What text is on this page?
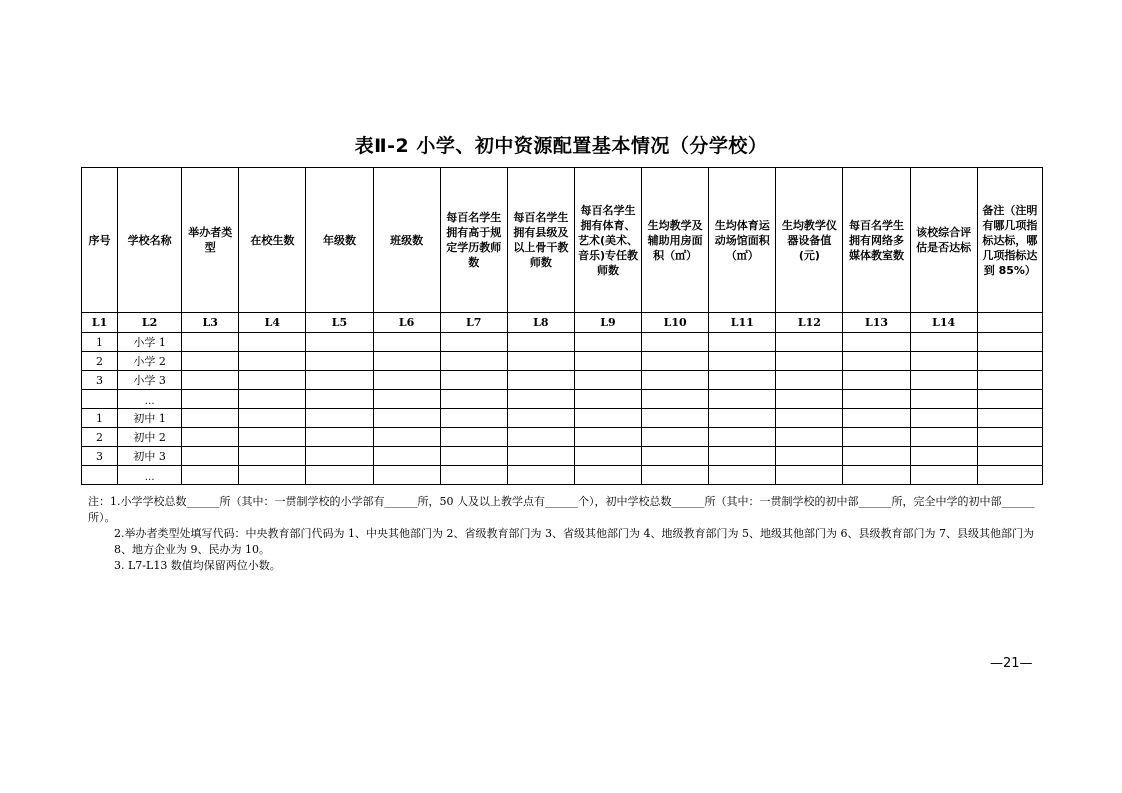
表Ⅱ-2 小学、初中资源配置基本情况（分学校）
序号	学校名称	举办者类型	在校生数	年级数	班级数	每百名学生拥有高于规定学历教师数	每百名学生拥有县级及以上骨干教师数	每百名学生拥有体育、艺术(美术、音乐)专任教师数	生均教学及辅助用房面积（㎡）	生均体育运动场馆面积（㎡）	生均教学仪器设备值(元)	每百名学生拥有网络多媒体教室数	该校综合评估是否达标	备注（注明有哪几项指标达标，哪几项指标达到 85%）

L1	L2	L3	L4	L5	L6	L7	L8	L9	L10	L11	L12	L13	L14	
1	小学 1													
2	小学 2													
3	小学 3													
	…													
1	初中 1													
2	初中 2													
3	初中 3													
	…													

注：1.小学学校总数______所（其中：一贯制学校的小学部有______所，50 人及以上教学点有______个），初中学校总数______所（其中：一贯制学校的初中部______所，完全中学的初中部______所）。

2.举办者类型处填写代码：中央教育部门代码为 1、中央其他部门为 2、省级教育部门为 3、省级其他部门为 4、地级教育部门为 5、地级其他部门为 6、县级教育部门为 7、县级其他部门为 8、地方企业为 9、民办为 10。

3. L7-L13 数值均保留两位小数。

—21—
